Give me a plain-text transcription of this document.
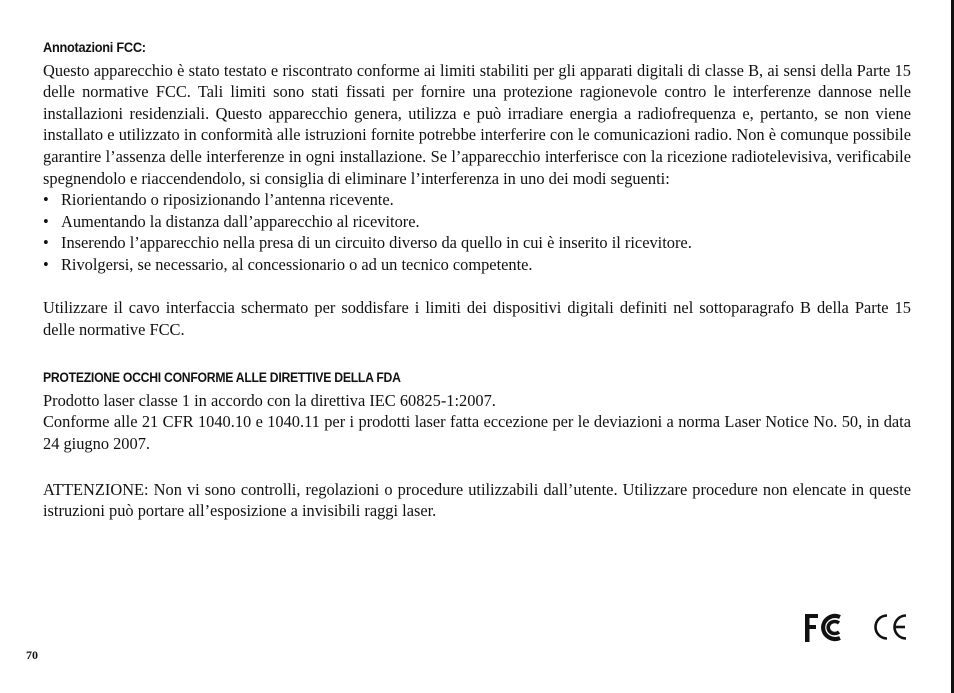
Annotazioni FCC:

Questo apparecchio è stato testato e riscontrato conforme ai limiti stabiliti per gli apparati digitali di classe B, ai sensi della Parte 15 delle normative FCC. Tali limiti sono stati fissati per fornire una protezione ragionevole contro le interferenze dannose nelle installazioni residenziali. Questo apparecchio genera, utilizza e può irradiare energia a radiofrequenza e, pertanto, se non viene installato e utilizzato in conformità alle istruzioni fornite potrebbe interferire con le comunicazioni radio. Non è comunque possibile garantire l’assenza delle interferenze in ogni installazione. Se l’apparecchio interferisce con la ricezione radiotelevisiva, verificabile spegnendolo e riaccendendolo, si consiglia di eliminare l’interferenza in uno dei modi seguenti:

• Riorientando o riposizionando l’antenna ricevente.
• Aumentando la distanza dall’apparecchio al ricevitore.
• Inserendo l’apparecchio nella presa di un circuito diverso da quello in cui è inserito il ricevitore.
• Rivolgersi, se necessario, al concessionario o ad un tecnico competente.

Utilizzare il cavo interfaccia schermato per soddisfare i limiti dei dispositivi digitali definiti nel sottoparagrafo B della Parte 15 delle normative FCC.

PROTEZIONE OCCHI CONFORME ALLE DIRETTIVE DELLA FDA

Prodotto laser classe 1 in accordo con la direttiva IEC 60825-1:2007.

Conforme alle 21 CFR 1040.10 e 1040.11 per i prodotti laser fatta eccezione per le deviazioni a norma Laser Notice No. 50, in data 24 giugno 2007.

ATTENZIONE: Non vi sono controlli, regolazioni o procedure utilizzabili dall’utente. Utilizzare procedure non elencate in queste istruzioni può portare all’esposizione a invisibili raggi laser.

70
